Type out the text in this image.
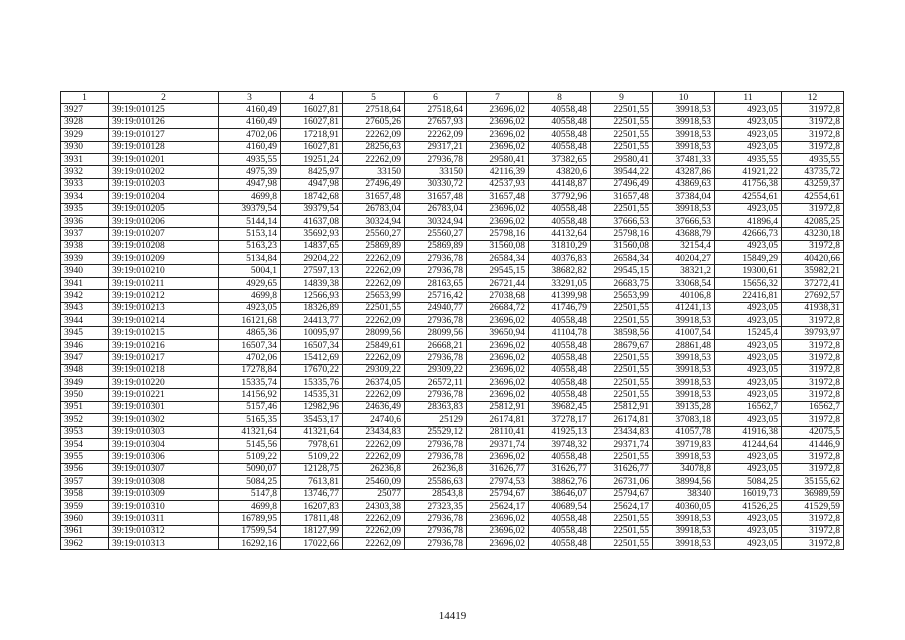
1	2	3	4	5	6	7	8	9	10	11	12
3927	39:19:010125	4160,49	16027,81	27518,64	27518,64	23696,02	40558,48	22501,55	39918,53	4923,05	31972,8
3928	39:19:010126	4160,49	16027,81	27605,26	27657,93	23696,02	40558,48	22501,55	39918,53	4923,05	31972,8
3929	39:19:010127	4702,06	17218,91	22262,09	22262,09	23696,02	40558,48	22501,55	39918,53	4923,05	31972,8
3930	39:19:010128	4160,49	16027,81	28256,63	29317,21	23696,02	40558,48	22501,55	39918,53	4923,05	31972,8
3931	39:19:010201	4935,55	19251,24	22262,09	27936,78	29580,41	37382,65	29580,41	37481,33	4935,55	4935,55
3932	39:19:010202	4975,39	8425,97	33150	33150	42116,39	43820,6	39544,22	43287,86	41921,22	43735,72
3933	39:19:010203	4947,98	4947,98	27496,49	30330,72	42537,93	44148,87	27496,49	43869,63	41756,38	43259,37
3934	39:19:010204	4699,8	18742,68	31657,48	31657,48	31657,48	37792,96	31657,48	37384,04	42554,61	42554,61
3935	39:19:010205	39379,54	39379,54	26783,04	26783,04	23696,02	40558,48	22501,55	39918,53	4923,05	31972,8
3936	39:19:010206	5144,14	41637,08	30324,94	30324,94	23696,02	40558,48	37666,53	37666,53	41896,4	42085,25
3937	39:19:010207	5153,14	35692,93	25560,27	25560,27	25798,16	44132,64	25798,16	43688,79	42666,73	43230,18
3938	39:19:010208	5163,23	14837,65	25869,89	25869,89	31560,08	31810,29	31560,08	32154,4	4923,05	31972,8
3939	39:19:010209	5134,84	29204,22	22262,09	27936,78	26584,34	40376,83	26584,34	40204,27	15849,29	40420,66
3940	39:19:010210	5004,1	27597,13	22262,09	27936,78	29545,15	38682,82	29545,15	38321,2	19300,61	35982,21
3941	39:19:010211	4929,65	14839,38	22262,09	28163,65	26721,44	33291,05	26683,75	33068,54	15656,32	37272,41
3942	39:19:010212	4699,8	12566,93	25653,99	25716,42	27038,68	41399,98	25653,99	40106,8	22416,81	27692,57
3943	39:19:010213	4923,05	18326,89	22501,55	24940,77	26684,72	41746,79	22501,55	41241,13	4923,05	41938,31
3944	39:19:010214	16121,68	24413,77	22262,09	27936,78	23696,02	40558,48	22501,55	39918,53	4923,05	31972,8
3945	39:19:010215	4865,36	10095,97	28099,56	28099,56	39650,94	41104,78	38598,56	41007,54	15245,4	39793,97
3946	39:19:010216	16507,34	16507,34	25849,61	26668,21	23696,02	40558,48	28679,67	28861,48	4923,05	31972,8
3947	39:19:010217	4702,06	15412,69	22262,09	27936,78	23696,02	40558,48	22501,55	39918,53	4923,05	31972,8
3948	39:19:010218	17278,84	17670,22	29309,22	29309,22	23696,02	40558,48	22501,55	39918,53	4923,05	31972,8
3949	39:19:010220	15335,74	15335,76	26374,05	26572,11	23696,02	40558,48	22501,55	39918,53	4923,05	31972,8
3950	39:19:010221	14156,92	14535,31	22262,09	27936,78	23696,02	40558,48	22501,55	39918,53	4923,05	31972,8
3951	39:19:010301	5157,46	12982,96	24636,49	28363,83	25812,91	39682,45	25812,91	39135,28	16562,7	16562,7
3952	39:19:010302	5165,35	35453,17	24740,6	25129	26174,81	37278,17	26174,81	37083,18	4923,05	31972,8
3953	39:19:010303	41321,64	41321,64	23434,83	25529,12	28110,41	41925,13	23434,83	41057,78	41916,38	42075,5
3954	39:19:010304	5145,56	7978,61	22262,09	27936,78	29371,74	39748,32	29371,74	39719,83	41244,64	41446,9
3955	39:19:010306	5109,22	5109,22	22262,09	27936,78	23696,02	40558,48	22501,55	39918,53	4923,05	31972,8
3956	39:19:010307	5090,07	12128,75	26236,8	26236,8	31626,77	31626,77	31626,77	34078,8	4923,05	31972,8
3957	39:19:010308	5084,25	7613,81	25460,09	25586,63	27974,53	38862,76	26731,06	38994,56	5084,25	35155,62
3958	39:19:010309	5147,8	13746,77	25077	28543,8	25794,67	38646,07	25794,67	38340	16019,73	36989,59
3959	39:19:010310	4699,8	16207,83	24303,38	27323,35	25624,17	40689,54	25624,17	40360,05	41526,25	41529,59
3960	39:19:010311	16789,95	17811,48	22262,09	27936,78	23696,02	40558,48	22501,55	39918,53	4923,05	31972,8
3961	39:19:010312	17599,54	18127,99	22262,09	27936,78	23696,02	40558,48	22501,55	39918,53	4923,05	31972,8
3962	39:19:010313	16292,16	17022,66	22262,09	27936,78	23696,02	40558,48	22501,55	39918,53	4923,05	31972,8
14419
